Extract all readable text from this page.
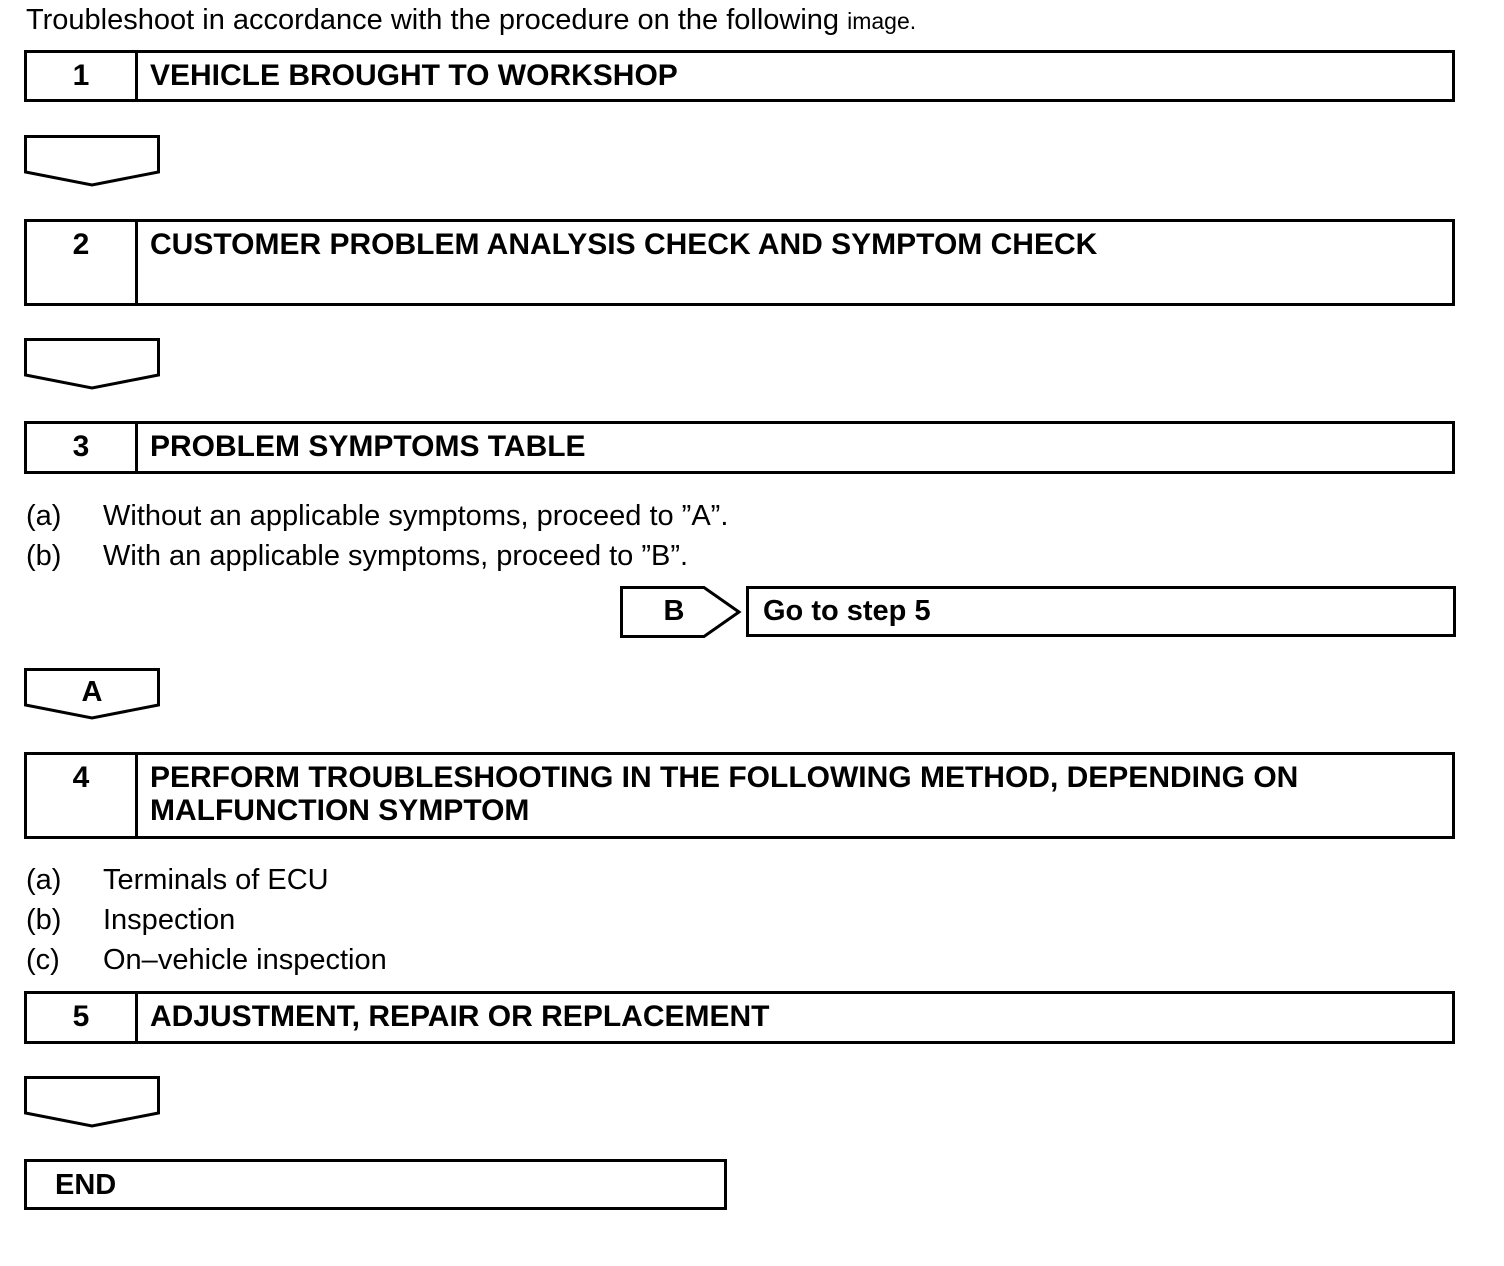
Troubleshoot in accordance with the procedure on the following image.
1	VEHICLE BROUGHT TO WORKSHOP
2	CUSTOMER PROBLEM ANALYSIS CHECK AND SYMPTOM CHECK
3	PROBLEM SYMPTOMS TABLE
(a) Without an applicable symptoms, proceed to ”A”.
(b) With an applicable symptoms, proceed to ”B”.
B	Go to step 5
A
4	PERFORM TROUBLESHOOTING IN THE FOLLOWING METHOD, DEPENDING ON MALFUNCTION SYMPTOM
(a) Terminals of ECU
(b) Inspection
(c) On–vehicle inspection
5	ADJUSTMENT, REPAIR OR REPLACEMENT
END
